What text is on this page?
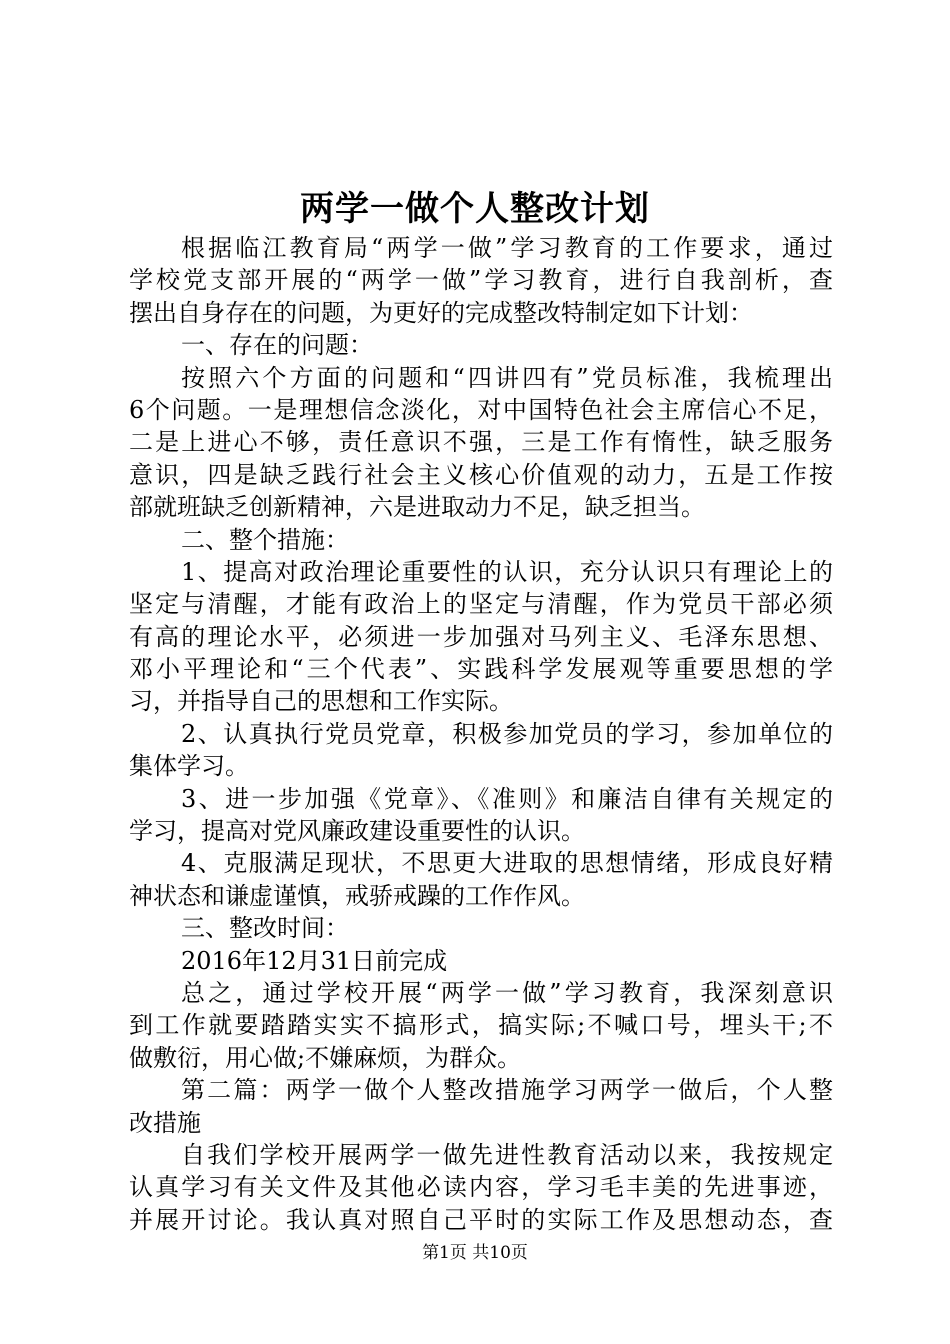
两学一做个人整改计划
根据临江教育局“两学一做”学习教育的工作要求，通过
学校党支部开展的“两学一做”学习教育，进行自我剖析，查
摆出自身存在的问题，为更好的完成整改特制定如下计划：
一、存在的问题：
按照六个方面的问题和“四讲四有”党员标准，我梳理出
6个问题。一是理想信念淡化，对中国特色社会主席信心不足，
二是上进心不够，责任意识不强，三是工作有惰性，缺乏服务
意识，四是缺乏践行社会主义核心价值观的动力，五是工作按
部就班缺乏创新精神，六是进取动力不足，缺乏担当。
二、整个措施：
1、提高对政治理论重要性的认识，充分认识只有理论上的
坚定与清醒，才能有政治上的坚定与清醒，作为党员干部必须
有高的理论水平，必须进一步加强对马列主义、毛泽东思想、
邓小平理论和“三个代表”、实践科学发展观等重要思想的学
习，并指导自己的思想和工作实际。
2、认真执行党员党章，积极参加党员的学习，参加单位的
集体学习。
3、进一步加强《党章》、《准则》和廉洁自律有关规定的
学习，提高对党风廉政建设重要性的认识。
4、克服满足现状，不思更大进取的思想情绪，形成良好精
神状态和谦虚谨慎，戒骄戒躁的工作作风。
三、整改时间：
2016年12月31日前完成
总之，通过学校开展“两学一做”学习教育，我深刻意识
到工作就要踏踏实实不搞形式，搞实际;不喊口号，埋头干;不
做敷衍，用心做;不嫌麻烦，为群众。
第二篇：两学一做个人整改措施学习两学一做后，个人整
改措施
自我们学校开展两学一做先进性教育活动以来，我按规定
认真学习有关文件及其他必读内容，学习毛丰美的先进事迹，
并展开讨论。我认真对照自己平时的实际工作及思想动态，查
第1页 共10页
